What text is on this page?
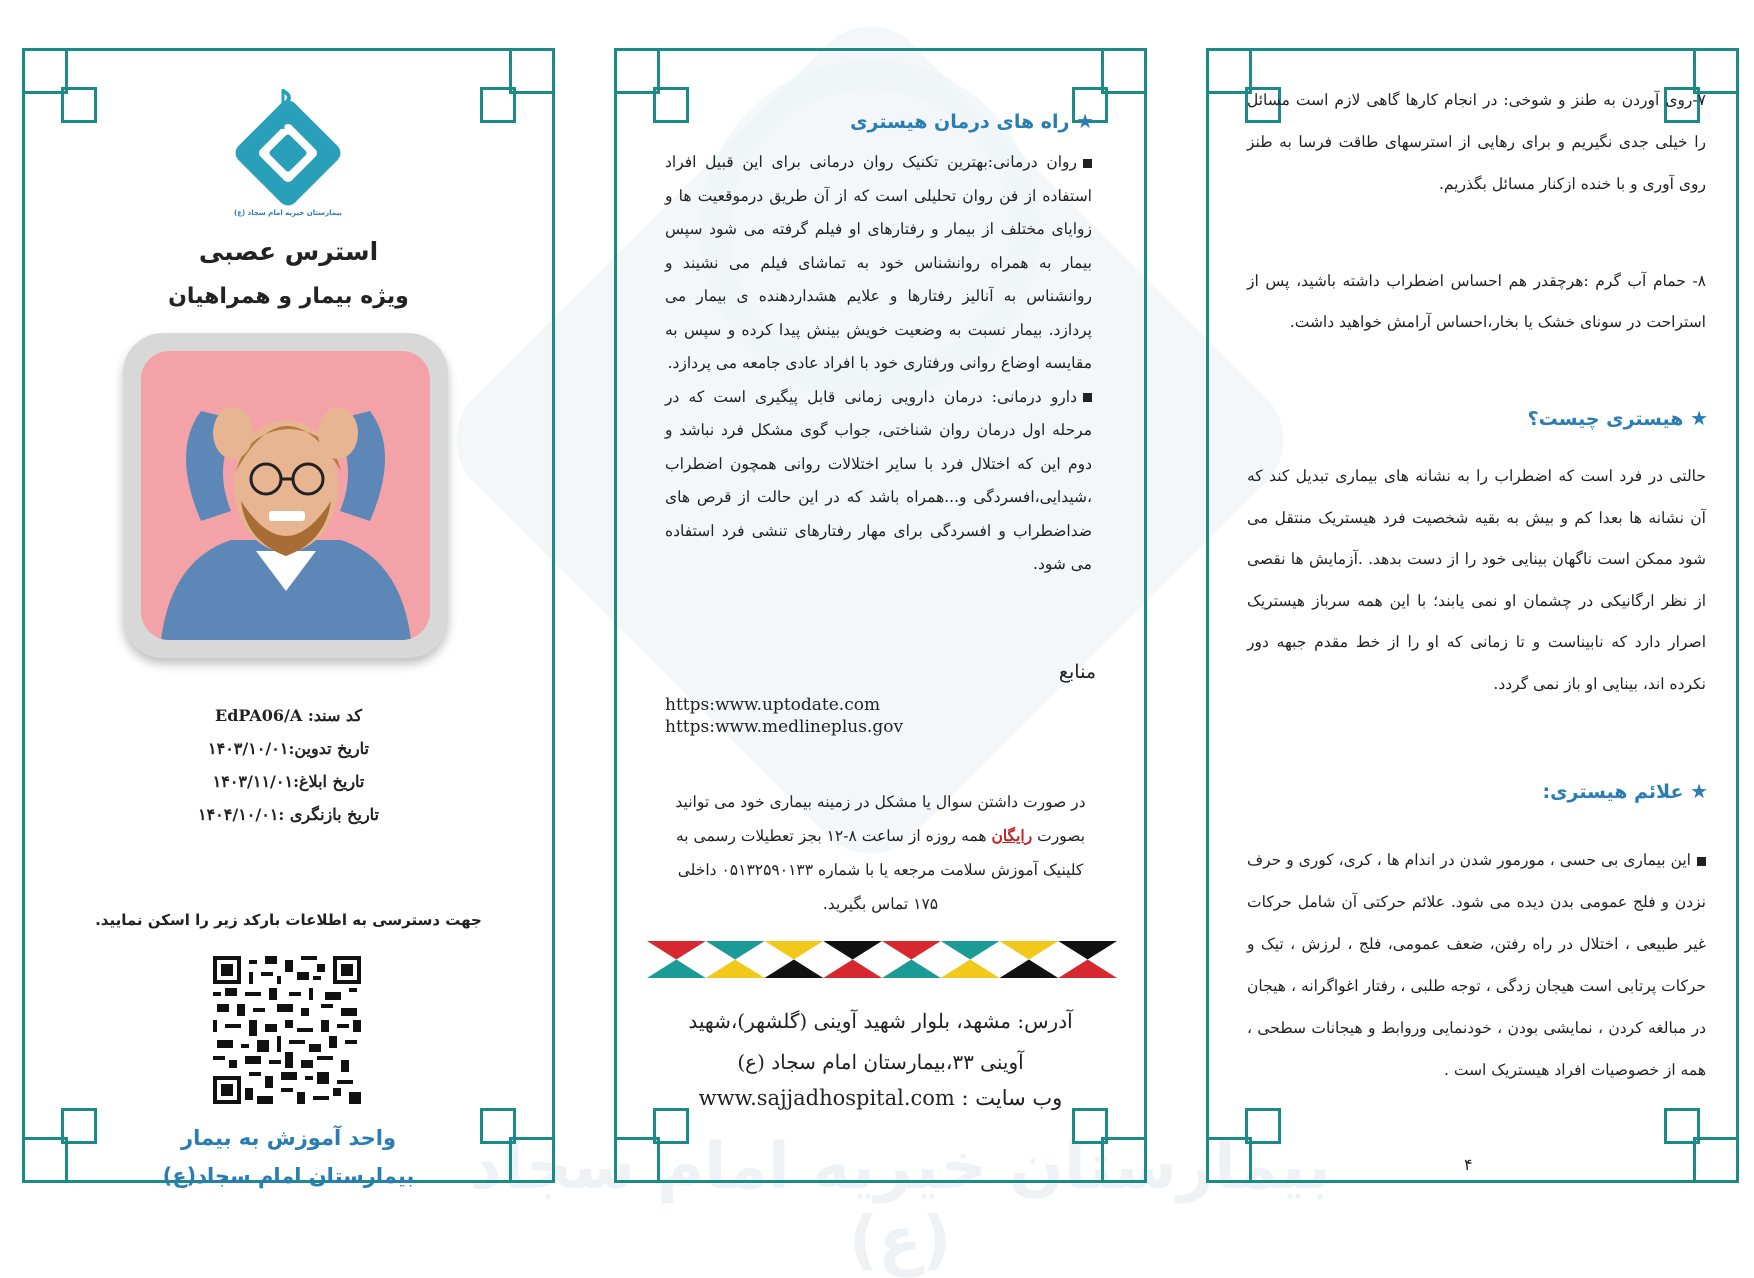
بیمارستان خیریه امام سجاد (ع)
بیمارستان خیریه امام سجاد (ع)
استرس عصبی
ویژه بیمار و همراهیان
کد سند: EdPA06/A
تاریخ تدوین:۱۴۰۳/۱۰/۰۱
تاریخ ابلاغ:۱۴۰۳/۱۱/۰۱
تاریخ بازنگری :۱۴۰۴/۱۰/۰۱
جهت دسترسی به اطلاعات بارکد زیر را اسکن نمایید.
واحد آموزش به بیمار
بیمارستان امام سجاد(ع)
★ راه های درمان هیستری
روان درمانی:بهترین تکنیک روان درمانی برای این قبیل افراد استفاده از فن روان تحلیلی است که از آن طریق درموقعیت ها و زوایای مختلف از بیمار و رفتارهای او فیلم گرفته می شود سپس بیمار به همراه روانشناس خود به تماشای فیلم می نشیند و روانشناس به آنالیز رفتارها و علایم هشداردهنده ی بیمار می پردازد. بیمار نسبت به وضعیت خویش بینش پیدا کرده و سپس به مقایسه اوضاع روانی ورفتاری خود با افراد عادی جامعه می پردازد.
دارو درمانی: درمان دارویی زمانی قابل پیگیری است که در مرحله اول درمان روان شناختی، جواب گوی مشکل فرد نباشد و دوم این که اختلال فرد با سایر اختلالات روانی همچون اضطراب ،شیدایی،افسردگی و...همراه باشد که در این حالت از قرص های ضداضطراب و افسردگی برای مهار رفتارهای تنشی فرد استفاده می شود.
منابع
https:www.uptodate.com
https:www.medlineplus.gov
در صورت داشتن سوال یا مشکل در زمینه بیماری خود می توانید بصورت رایگان همه روزه از ساعت ۸-۱۲ بجز تعطیلات رسمی به کلینیک آموزش سلامت مرجعه یا با شماره ۰۵۱۳۲۵۹۰۱۳۳ داخلی ۱۷۵ تماس بگیرید.
آدرس: مشهد، بلوار شهید آوینی (گلشهر)،شهید آوینی ۳۳،بیمارستان امام سجاد (ع)
وب سایت : www.sajjadhospital.com
۷-روی آوردن به طنز و شوخی: در انجام کارها گاهی لازم است مسائل را خیلی جدی نگیریم و برای رهایی از استرسهای طاقت فرسا به طنز روی آوری و با خنده ازکنار مسائل بگذریم.
۸- حمام آب گرم :هرچقدر هم احساس اضطراب داشته باشید، پس از استراحت در سونای خشک یا بخار،احساس آرامش خواهید داشت.
★ هیستری چیست؟
حالتی در فرد است که اضطراب را به نشانه های بیماری تبدیل کند که آن نشانه ها بعدا کم و بیش به بقیه شخصیت فرد هیستریک منتقل می شود ممکن است ناگهان بینایی خود را از دست بدهد. .آزمایش ها نقصی از نظر ارگانیکی در چشمان او نمی یابند؛ با این همه سرباز هیستریک اصرار دارد که نابیناست و تا زمانی که او را از خط مقدم جبهه دور نکرده اند، بینایی او باز نمی گردد.
★ علائم هیستری:
این بیماری بی حسی ، مورمور شدن در اندام ها ، کری، کوری و حرف نزدن و فلج عمومی بدن دیده می شود. علائم حرکتی آن شامل حرکات غیر طبیعی ، اختلال در راه رفتن، ضعف عمومی، فلج ، لرزش ، تیک و حرکات پرتابی است هیجان زدگی ، توجه طلبی ، رفتار اغواگرانه ، هیجان در مبالغه کردن ، نمایشی بودن ، خودنمایی وروابط و هیجانات سطحی ، همه از خصوصیات افراد هیستریک است .
۴
